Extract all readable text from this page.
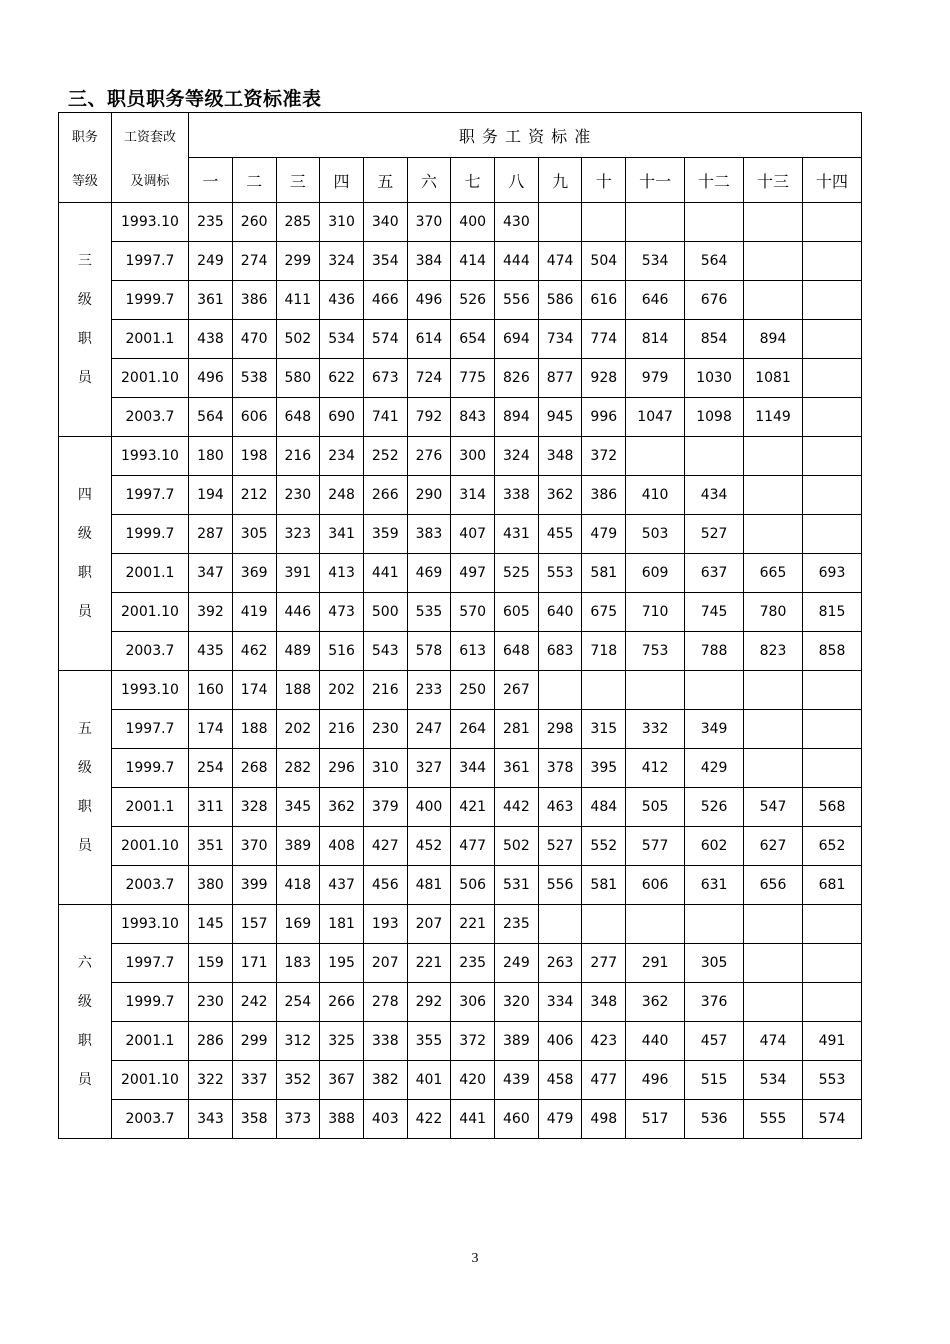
三、职员职务等级工资标准表
职务	工资套改	职 务 工 资 标 准													
等级	及调标	一	二	三	四	五	六	七	八	九	十	十一	十二	十三	十四

三级职员	1993.10	235	260	285	310	340	370	400	430						
	1997.7	249	274	299	324	354	384	414	444	474	504	534	564		
	1999.7	361	386	411	436	466	496	526	556	586	616	646	676		
	2001.1	438	470	502	534	574	614	654	694	734	774	814	854	894	
	2001.10	496	538	580	622	673	724	775	826	877	928	979	1030	1081	
	2003.7	564	606	648	690	741	792	843	894	945	996	1047	1098	1149	

四级职员	1993.10	180	198	216	234	252	276	300	324	348	372				
	1997.7	194	212	230	248	266	290	314	338	362	386	410	434		
	1999.7	287	305	323	341	359	383	407	431	455	479	503	527		
	2001.1	347	369	391	413	441	469	497	525	553	581	609	637	665	693
	2001.10	392	419	446	473	500	535	570	605	640	675	710	745	780	815
	2003.7	435	462	489	516	543	578	613	648	683	718	753	788	823	858

五级职员	1993.10	160	174	188	202	216	233	250	267						
	1997.7	174	188	202	216	230	247	264	281	298	315	332	349		
	1999.7	254	268	282	296	310	327	344	361	378	395	412	429		
	2001.1	311	328	345	362	379	400	421	442	463	484	505	526	547	568
	2001.10	351	370	389	408	427	452	477	502	527	552	577	602	627	652
	2003.7	380	399	418	437	456	481	506	531	556	581	606	631	656	681

六级职员	1993.10	145	157	169	181	193	207	221	235						
	1997.7	159	171	183	195	207	221	235	249	263	277	291	305		
	1999.7	230	242	254	266	278	292	306	320	334	348	362	376		
	2001.1	286	299	312	325	338	355	372	389	406	423	440	457	474	491
	2001.10	322	337	352	367	382	401	420	439	458	477	496	515	534	553
	2003.7	343	358	373	388	403	422	441	460	479	498	517	536	555	574
3
